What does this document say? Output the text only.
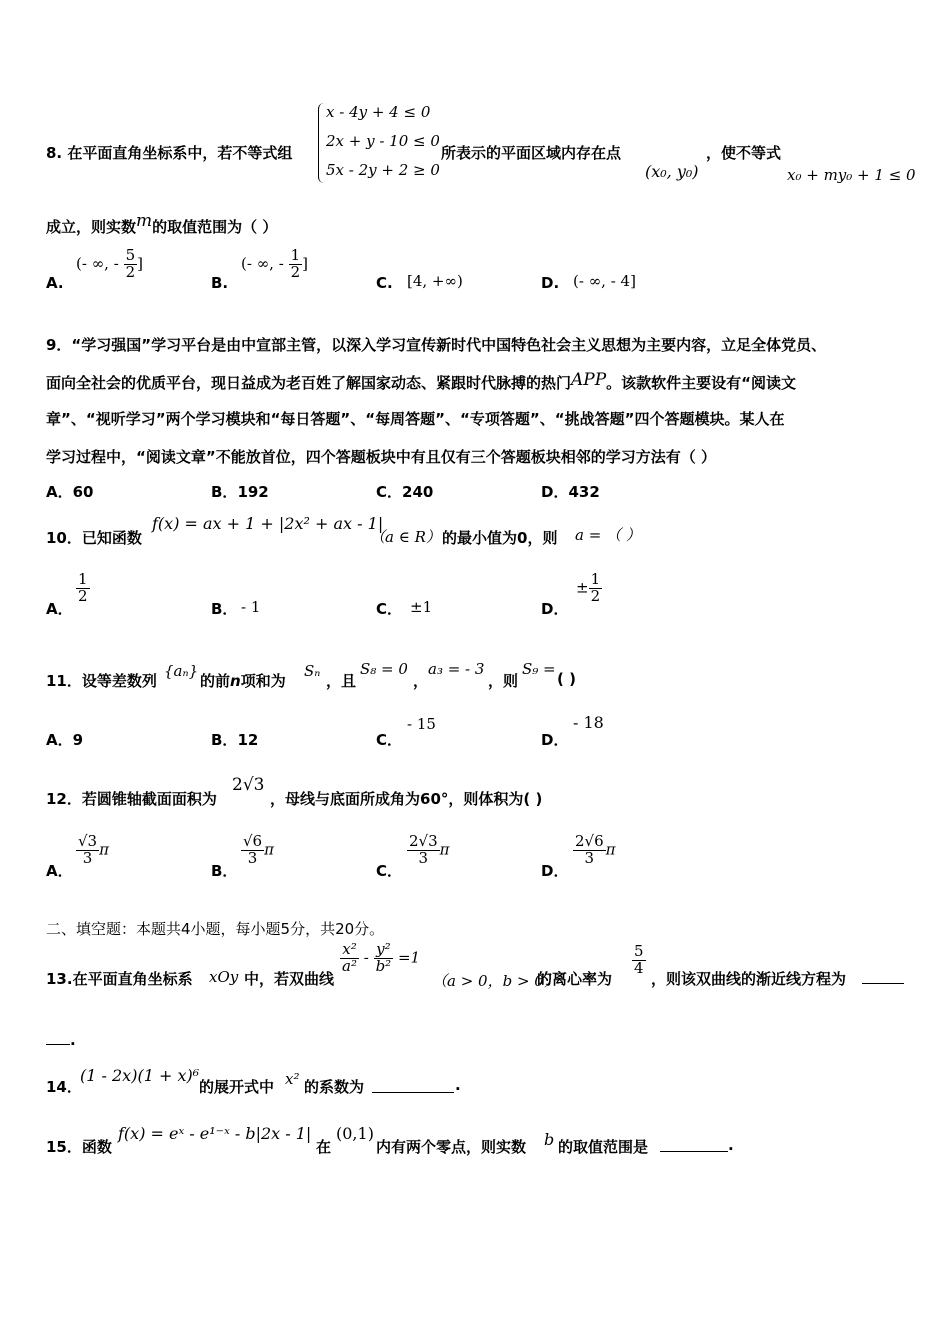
8. 在平面直角坐标系中，若不等式组
x - 4y + 4 ≤ 0
2x + y - 10 ≤ 0
5x - 2y + 2 ≥ 0
所表示的平面区域内存在点
(x₀, y₀)
，使不等式
x₀ + my₀ + 1 ≤ 0
成立，则实数m的取值范围为（ ）
A.
(- ∞, - $\frac{5}{2}$ ]
B.
(- ∞, - $\frac{1}{2}$ ]
C. [4, +∞)	D. (- ∞, - 4]
9．“学习强国”学习平台是由中宣部主管，以深入学习宣传新时代中国特色社会主义思想为主要内容，立足全体党员、
面向全社会的优质平台，现日益成为老百姓了解国家动态、紧跟时代脉搏的热门APP。该款软件主要设有“阅读文
章”、“视听学习”两个学习模块和“每日答题”、“每周答题”、“专项答题”、“挑战答题”四个答题模块。某人在
学习过程中，“阅读文章”不能放首位，四个答题板块中有且仅有三个答题板块相邻的学习方法有（ ）
A．60	B．192	C．240	D．432
10．已知函数
f(x) = ax + 1 + |2x² + ax - 1|
（a ∈ R） 的最小值为0，则 a = （ ）
A．
$\frac{1}{2}$
B． - 1	C． ±1	D．
± $\frac{1}{2}$
11．设等差数列
{aₙ}
的前n项和为
Sₙ
，且
S₈ = 0
，
a₃ = - 3
，则
S₉ =
( )
A．9	B．12	C．
- 15
D．
- 18
12．若圆锥轴截面面积为
2√3
，母线与底面所成角为60°，则体积为( )
A．
$\frac{√3}{3}$ π
B．
$\frac{√6}{3}$ π
C．
$\frac{2√3}{3}$ π
D．
$\frac{2√6}{3}$ π
二、填空题：本题共4小题，每小题5分，共20分。
13.在平面直角坐标系 xOy 中，若双曲线
$\frac{\text{x²}}{\text{a²}} - \frac{\text{y²}}{\text{b²}} =1$
（a > 0，b > 0）
的离心率为
$\frac{5}{4}$
，则该双曲线的渐近线方程为
.
14．
(1 - 2x)(1 + x)⁶
的展开式中 x² 的系数为	.
15．函数
f(x) = eˣ - e¹⁻ˣ - b|2x - 1|
在
(0,1)
内有两个零点，则实数 b 的取值范围是	.
